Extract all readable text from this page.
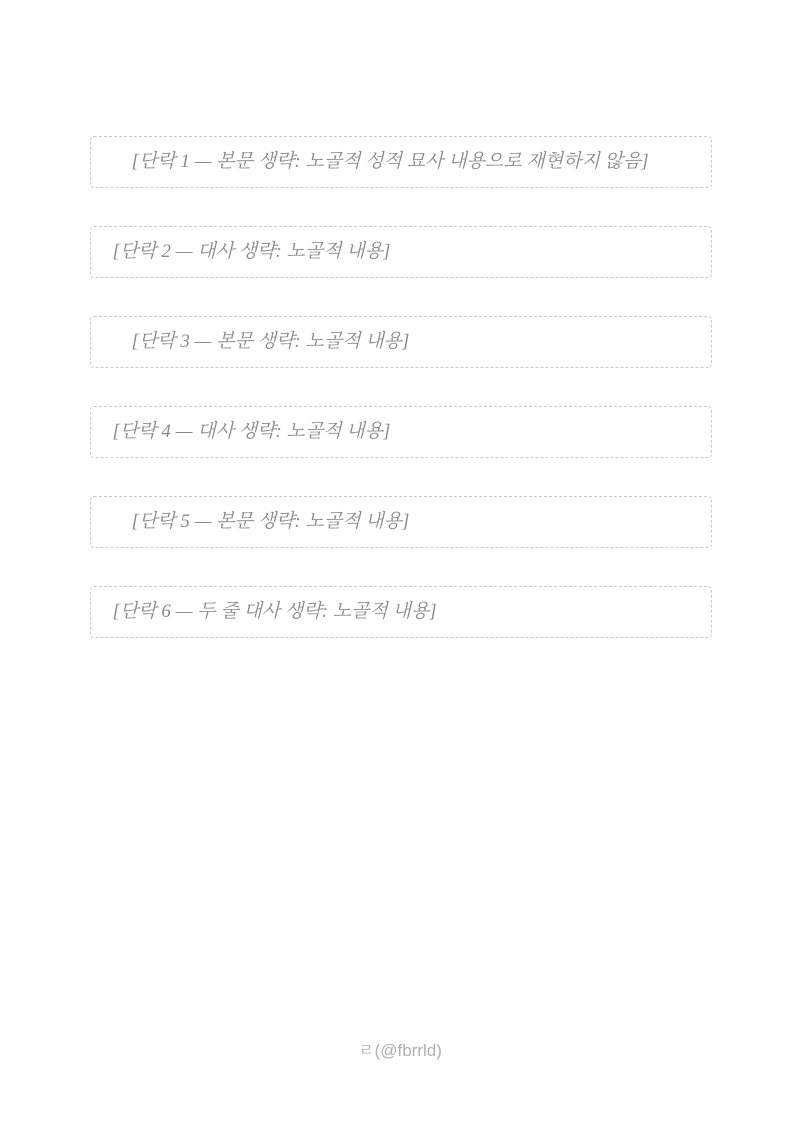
[단락 1 — 본문 생략: 노골적 성적 묘사 내용으로 재현하지 않음]

[단락 2 — 대사 생략: 노골적 내용]

[단락 3 — 본문 생략: 노골적 내용]

[단락 4 — 대사 생략: 노골적 내용]

[단락 5 — 본문 생략: 노골적 내용]

[단락 6 — 두 줄 대사 생략: 노골적 내용]

ㄹ(@fbrrld)
